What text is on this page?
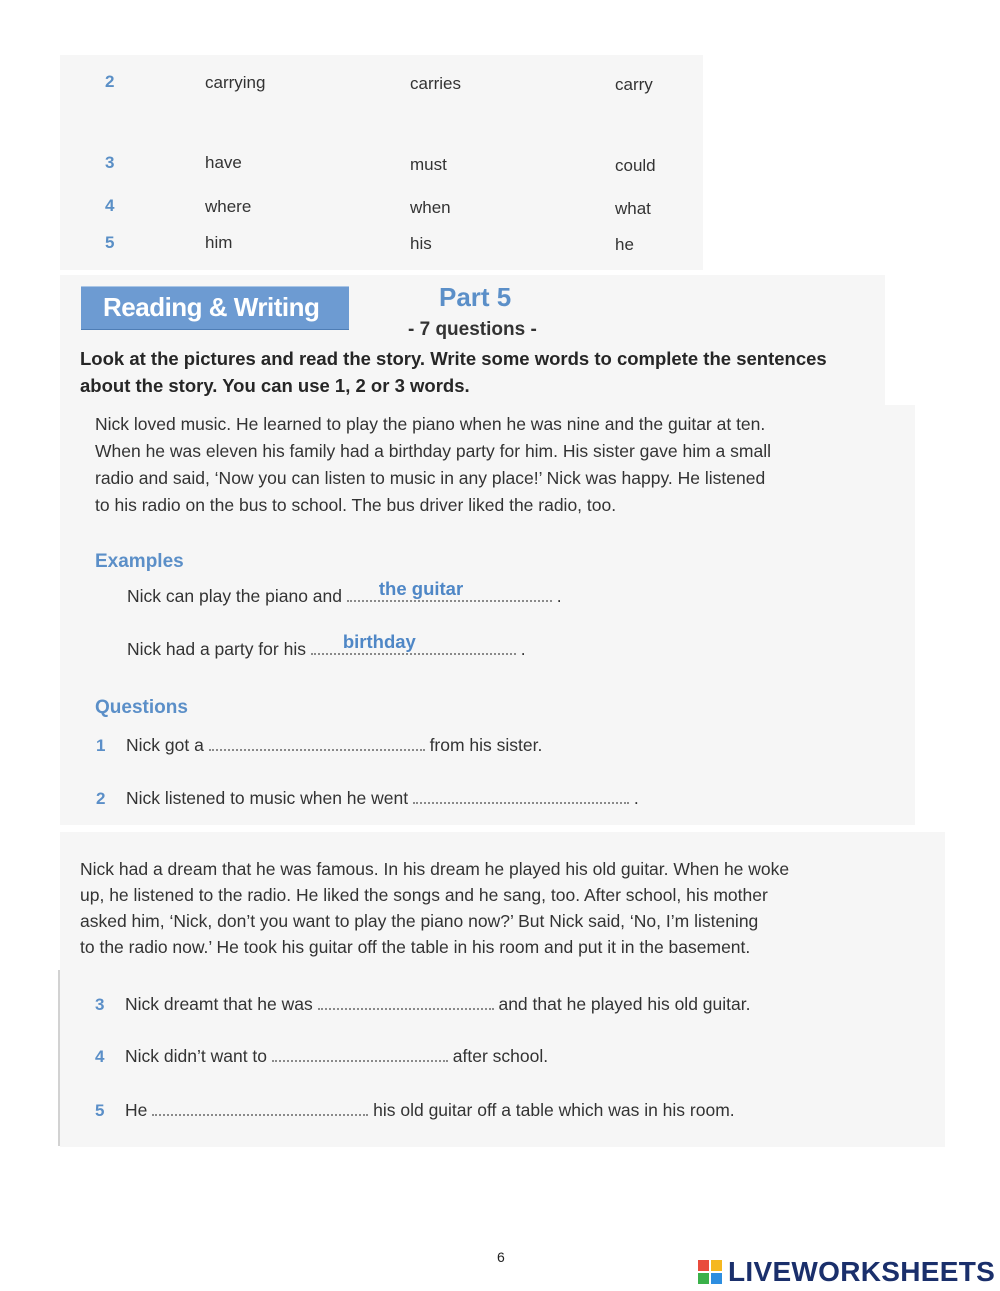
2	carrying	carries	carry
3	have	must	could
4	where	when	what
5	him	his	he
Reading & Writing	Part 5
- 7 questions -
Look at the pictures and read the story. Write some words to complete the sentences about the story. You can use 1, 2 or 3 words.
Nick loved music. He learned to play the piano when he was nine and the guitar at ten.
When he was eleven his family had a birthday party for him. His sister gave him a small
radio and said, ‘Now you can listen to music in any place!’ Nick was happy. He listened
to his radio on the bus to school. The bus driver liked the radio, too.
Examples
Nick can play the piano and the guitar	.
Nick had a party for his birthday	.
Questions
1 Nick got a	from his sister.
2 Nick listened to music when he went	.
Nick had a dream that he was famous. In his dream he played his old guitar. When he woke
up, he listened to the radio. He liked the songs and he sang, too. After school, his mother
asked him, ‘Nick, don’t you want to play the piano now?’ But Nick said, ‘No, I’m listening
to the radio now.’ He took his guitar off the table in his room and put it in the basement.
3 Nick dreamt that he was	and that he played his old guitar.
4 Nick didn’t want to	after school.
5 He	his old guitar off a table which was in his room.
6	LIVEWORKSHEETS
